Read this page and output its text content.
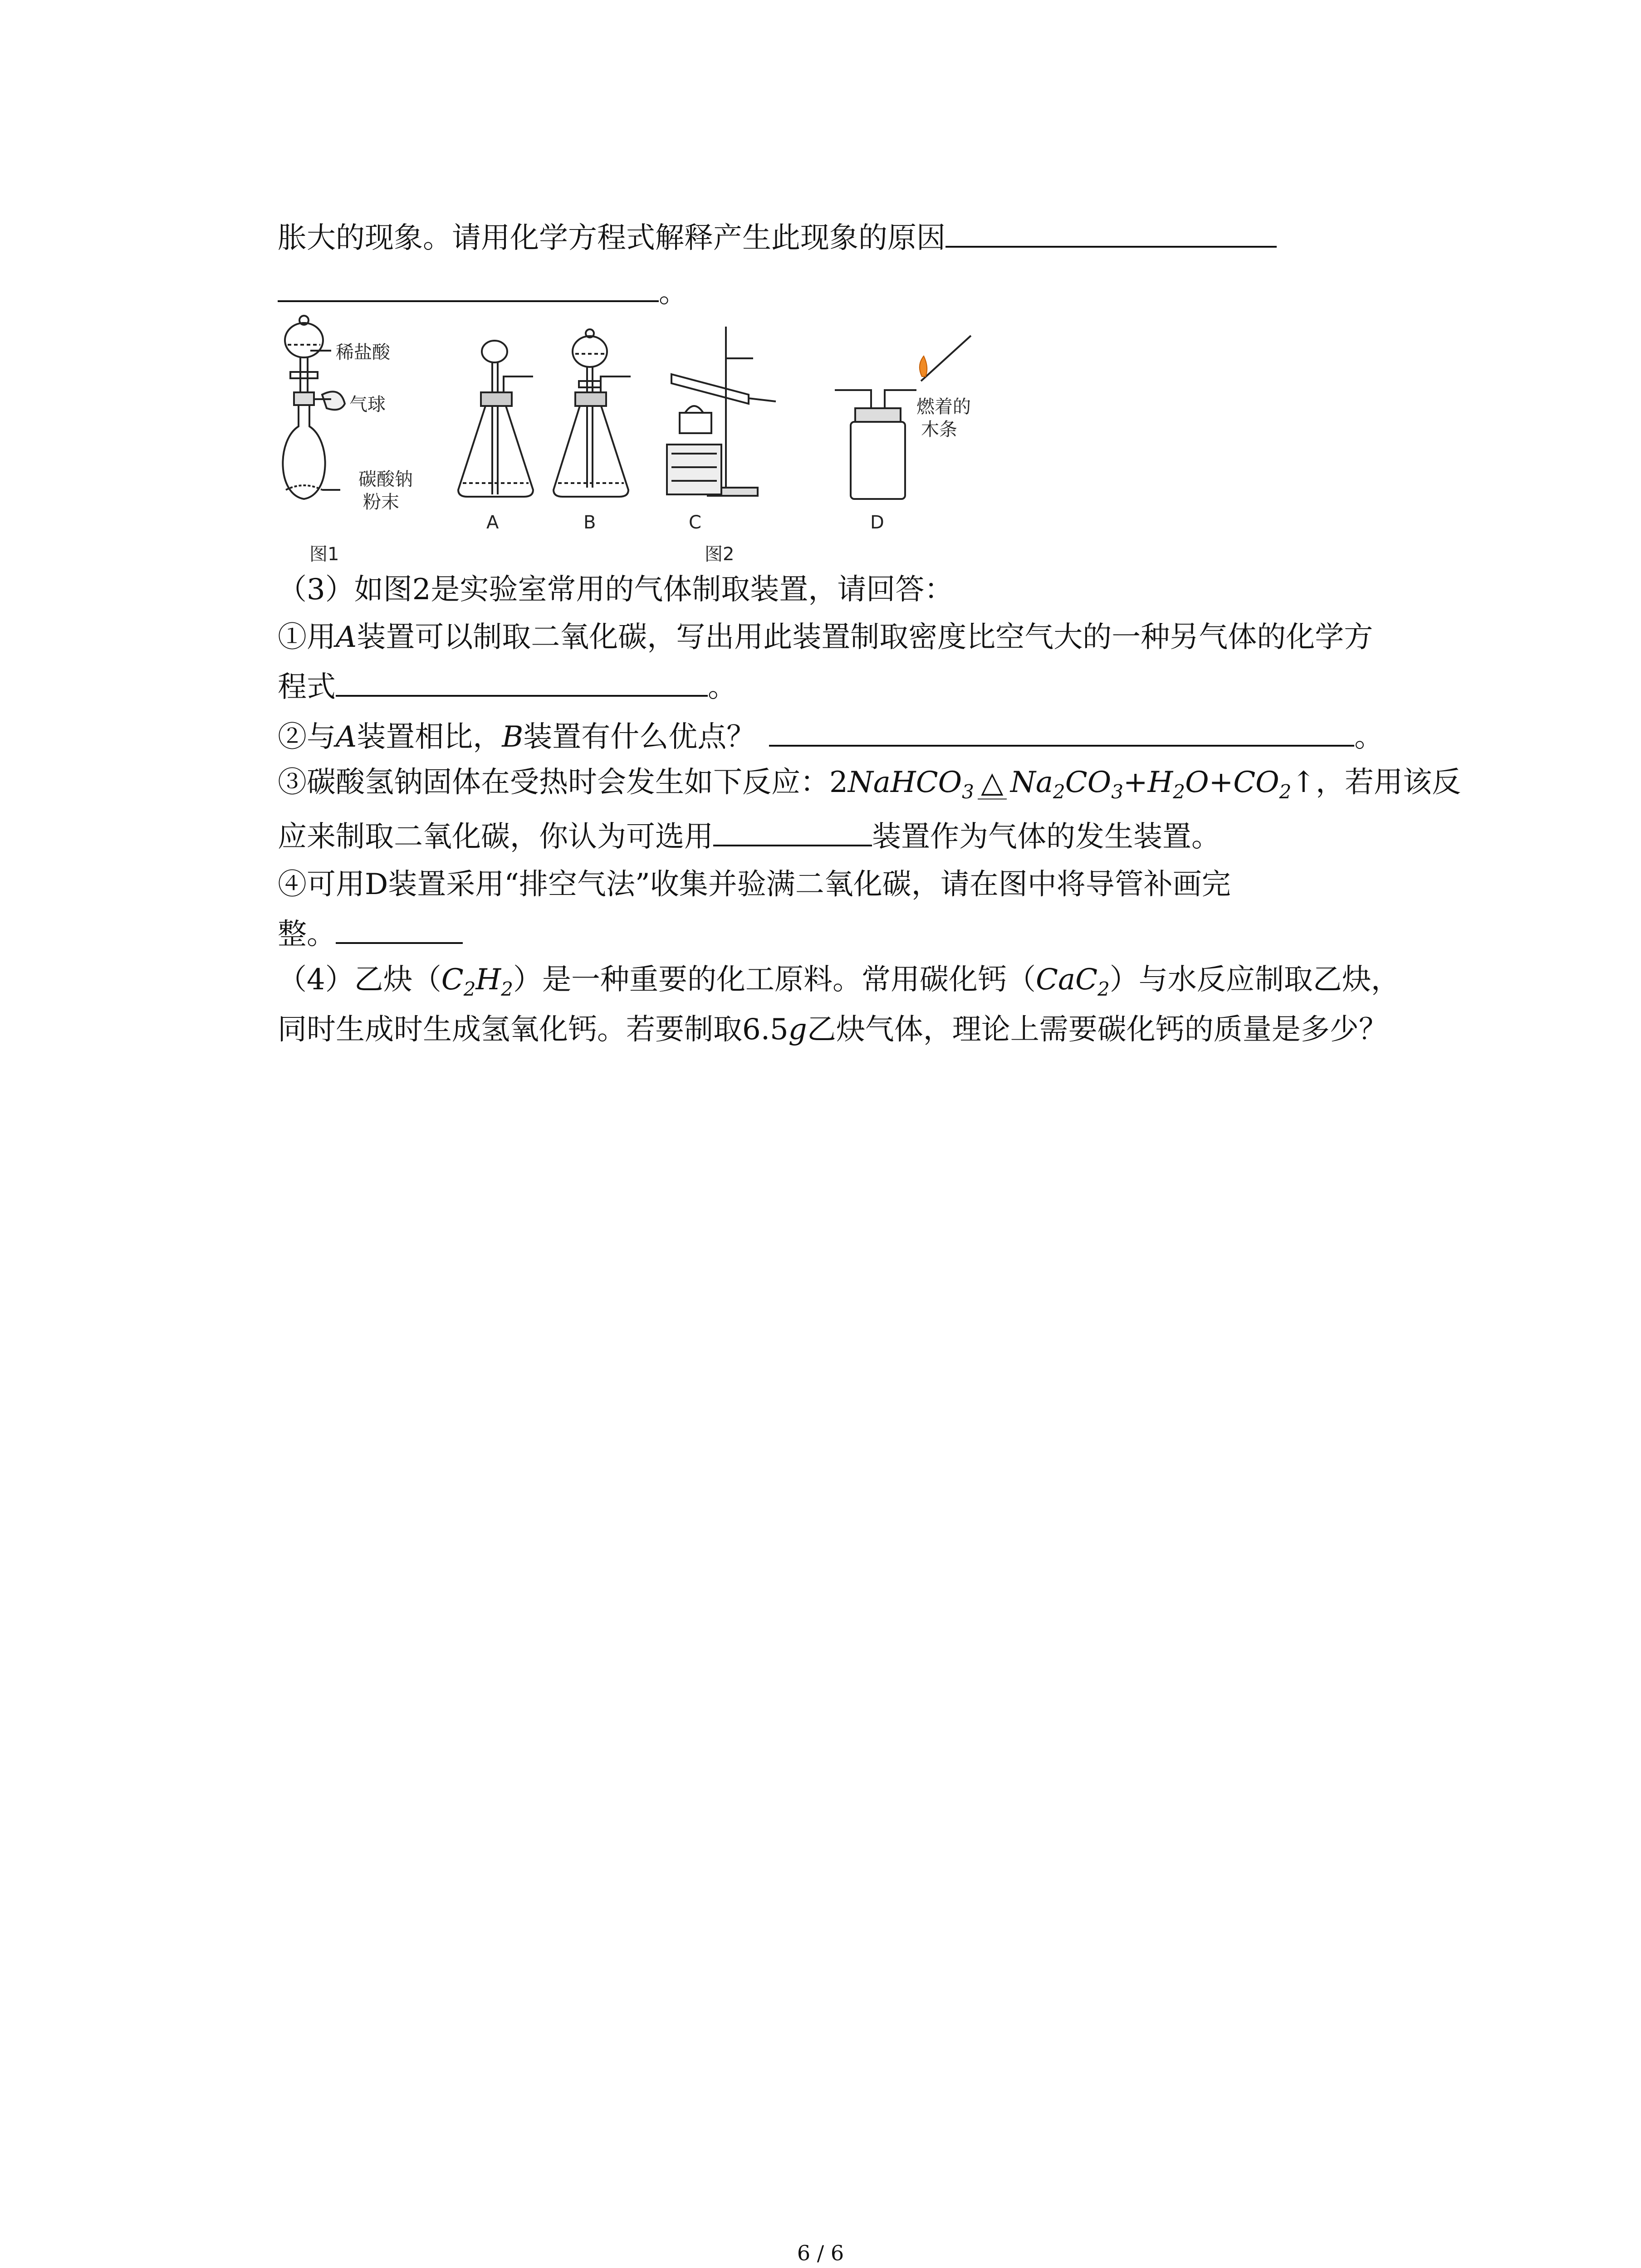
胀大的现象。请用化学方程式解释产生此现象的原因
。
稀盐酸
气球
碳酸钠
粉末
图1
A	B	C
图2
燃着的
木条
D
（3）如图2是实验室常用的气体制取装置，请回答：
①用A装置可以制取二氧化碳，写出用此装置制取密度比空气大的一种另气体的化学方
程式	。
②与A装置相比，B装置有什么优点？	。
③碳酸氢钠固体在受热时会发生如下反应：2NaHCO$_3$ △ $Na_2CO_3+H_2O+CO_2↑$，若用该反
应来制取二氧化碳，你认为可选用	装置作为气体的发生装置。
④可用D装置采用“排空气法”收集并验满二氧化碳，请在图中将导管补画完
整。
（4）乙炔$(C_2H_2)$是一种重要的化工原料。常用碳化钙（CaC$_2$）与水反应制取乙炔，
同时生成时生成氢氧化钙。若要制取6.5g乙炔气体，理论上需要碳化钙的质量是多少？
6 / 6
